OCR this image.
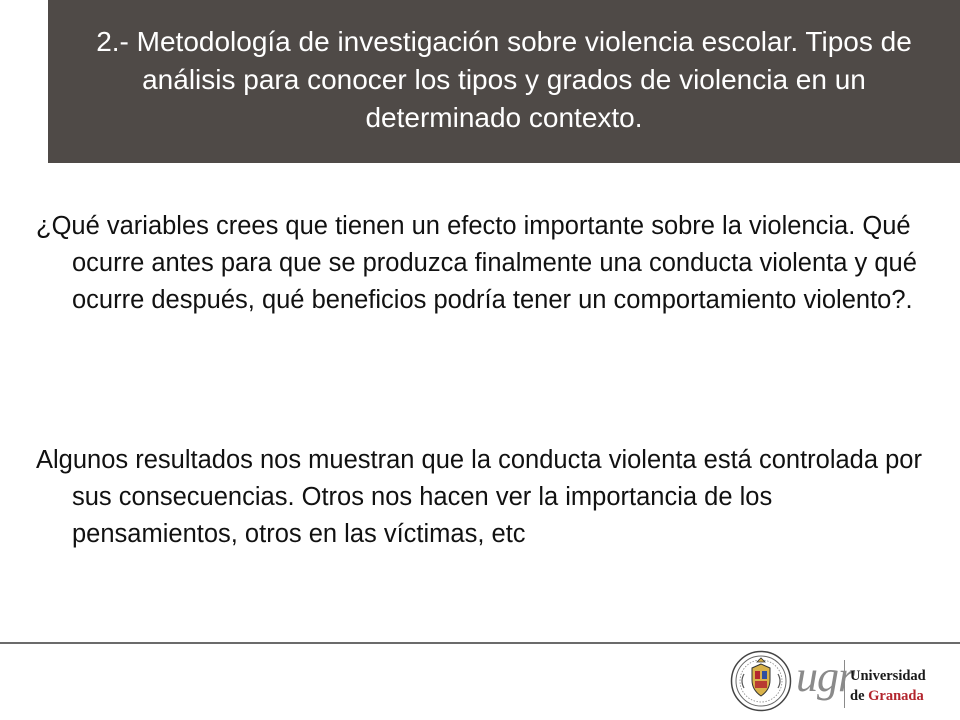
2.- Metodología de investigación sobre violencia escolar. Tipos de análisis para conocer los tipos y grados de violencia en un determinado contexto.

¿Qué variables crees que tienen un efecto importante sobre la violencia. Qué ocurre antes para que se produzca finalmente una conducta violenta y qué ocurre después, qué beneficios podría tener un comportamiento violento?.

Algunos resultados nos muestran que la conducta violenta está controlada por sus consecuencias. Otros nos hacen ver la importancia de los pensamientos, otros en las víctimas, etc

ugr
Universidad
de Granada
